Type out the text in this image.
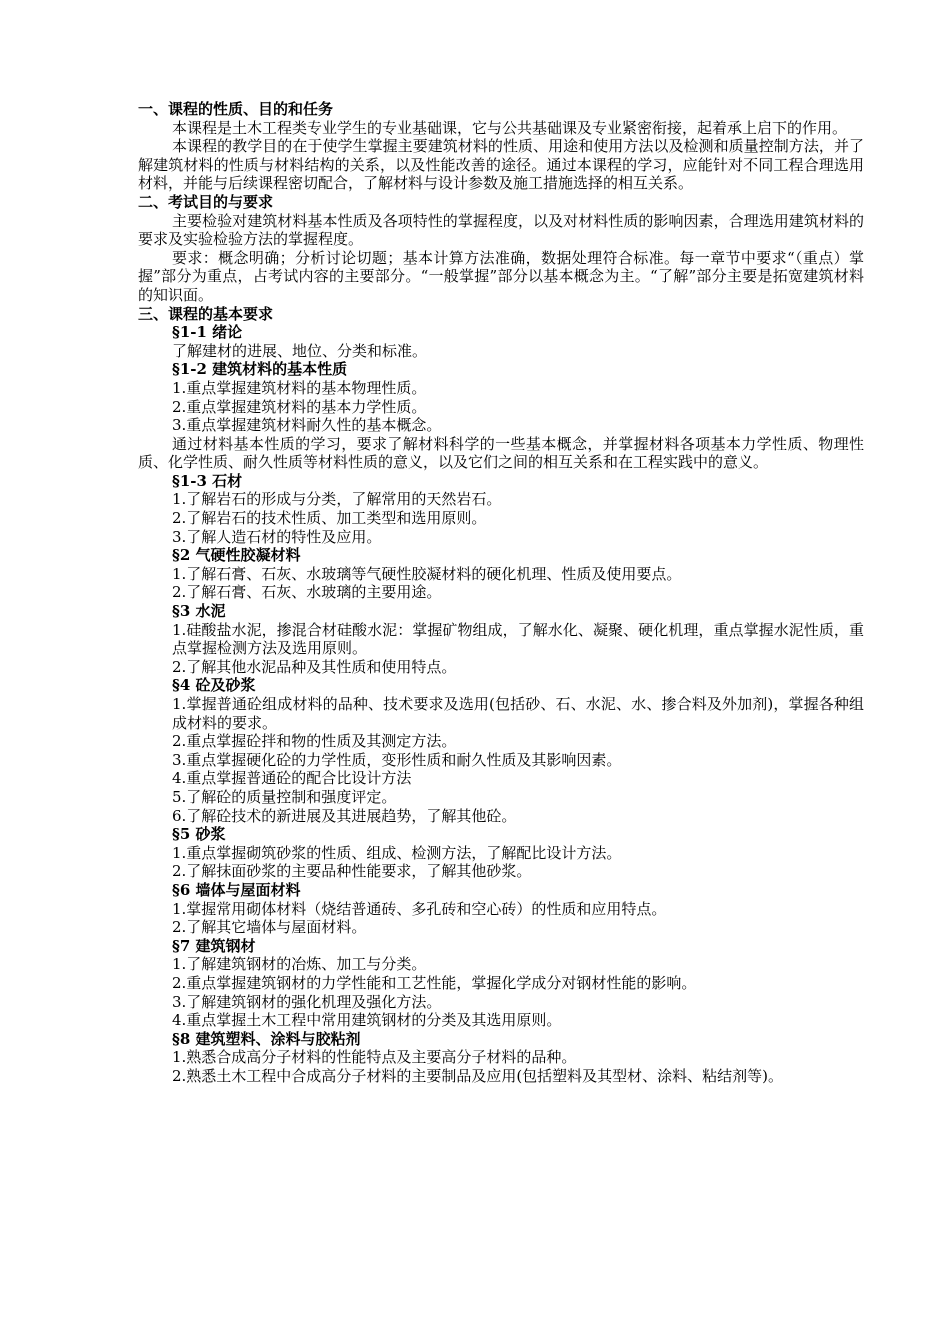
一、课程的性质、目的和任务
本课程是土木工程类专业学生的专业基础课，它与公共基础课及专业紧密衔接，起着承上启下的作用。
本课程的教学目的在于使学生掌握主要建筑材料的性质、用途和使用方法以及检测和质量控制方法，并了解建筑材料的性质与材料结构的关系，以及性能改善的途径。通过本课程的学习，应能针对不同工程合理选用材料，并能与后续课程密切配合，了解材料与设计参数及施工措施选择的相互关系。
二、考试目的与要求
主要检验对建筑材料基本性质及各项特性的掌握程度，以及对材料性质的影响因素，合理选用建筑材料的要求及实验检验方法的掌握程度。
要求：概念明确；分析讨论切题；基本计算方法准确，数据处理符合标准。每一章节中要求“（重点）掌握”部分为重点，占考试内容的主要部分。“一般掌握”部分以基本概念为主。“了解”部分主要是拓宽建筑材料的知识面。
三、课程的基本要求
§1-1 绪论
了解建材的进展、地位、分类和标准。
§1-2 建筑材料的基本性质
1.重点掌握建筑材料的基本物理性质。
2.重点掌握建筑材料的基本力学性质。
3.重点掌握建筑材料耐久性的基本概念。
通过材料基本性质的学习，要求了解材料科学的一些基本概念，并掌握材料各项基本力学性质、物理性质、化学性质、耐久性质等材料性质的意义，以及它们之间的相互关系和在工程实践中的意义。
§1-3 石材
1.了解岩石的形成与分类，了解常用的天然岩石。
2.了解岩石的技术性质、加工类型和选用原则。
3.了解人造石材的特性及应用。
§2 气硬性胶凝材料
1.了解石膏、石灰、水玻璃等气硬性胶凝材料的硬化机理、性质及使用要点。
2.了解石膏、石灰、水玻璃的主要用途。
§3 水泥
1.硅酸盐水泥，掺混合材硅酸水泥：掌握矿物组成，了解水化、凝聚、硬化机理，重点掌握水泥性质，重点掌握检测方法及选用原则。
2.了解其他水泥品种及其性质和使用特点。
§4 砼及砂浆
1.掌握普通砼组成材料的品种、技术要求及选用(包括砂、石、水泥、水、掺合料及外加剂)，掌握各种组成材料的要求。
2.重点掌握砼拌和物的性质及其测定方法。
3.重点掌握硬化砼的力学性质，变形性质和耐久性质及其影响因素。
4.重点掌握普通砼的配合比设计方法
5.了解砼的质量控制和强度评定。
6.了解砼技术的新进展及其进展趋势，了解其他砼。
§5 砂浆
1.重点掌握砌筑砂浆的性质、组成、检测方法，了解配比设计方法。
2.了解抹面砂浆的主要品种性能要求，了解其他砂浆。
§6 墙体与屋面材料
1.掌握常用砌体材料（烧结普通砖、多孔砖和空心砖）的性质和应用特点。
2.了解其它墙体与屋面材料。
§7 建筑钢材
1.了解建筑钢材的冶炼、加工与分类。
2.重点掌握建筑钢材的力学性能和工艺性能，掌握化学成分对钢材性能的影响。
3.了解建筑钢材的强化机理及强化方法。
4.重点掌握土木工程中常用建筑钢材的分类及其选用原则。
§8 建筑塑料、涂料与胶粘剂
1.熟悉合成高分子材料的性能特点及主要高分子材料的品种。
2.熟悉土木工程中合成高分子材料的主要制品及应用(包括塑料及其型材、涂料、粘结剂等)。
